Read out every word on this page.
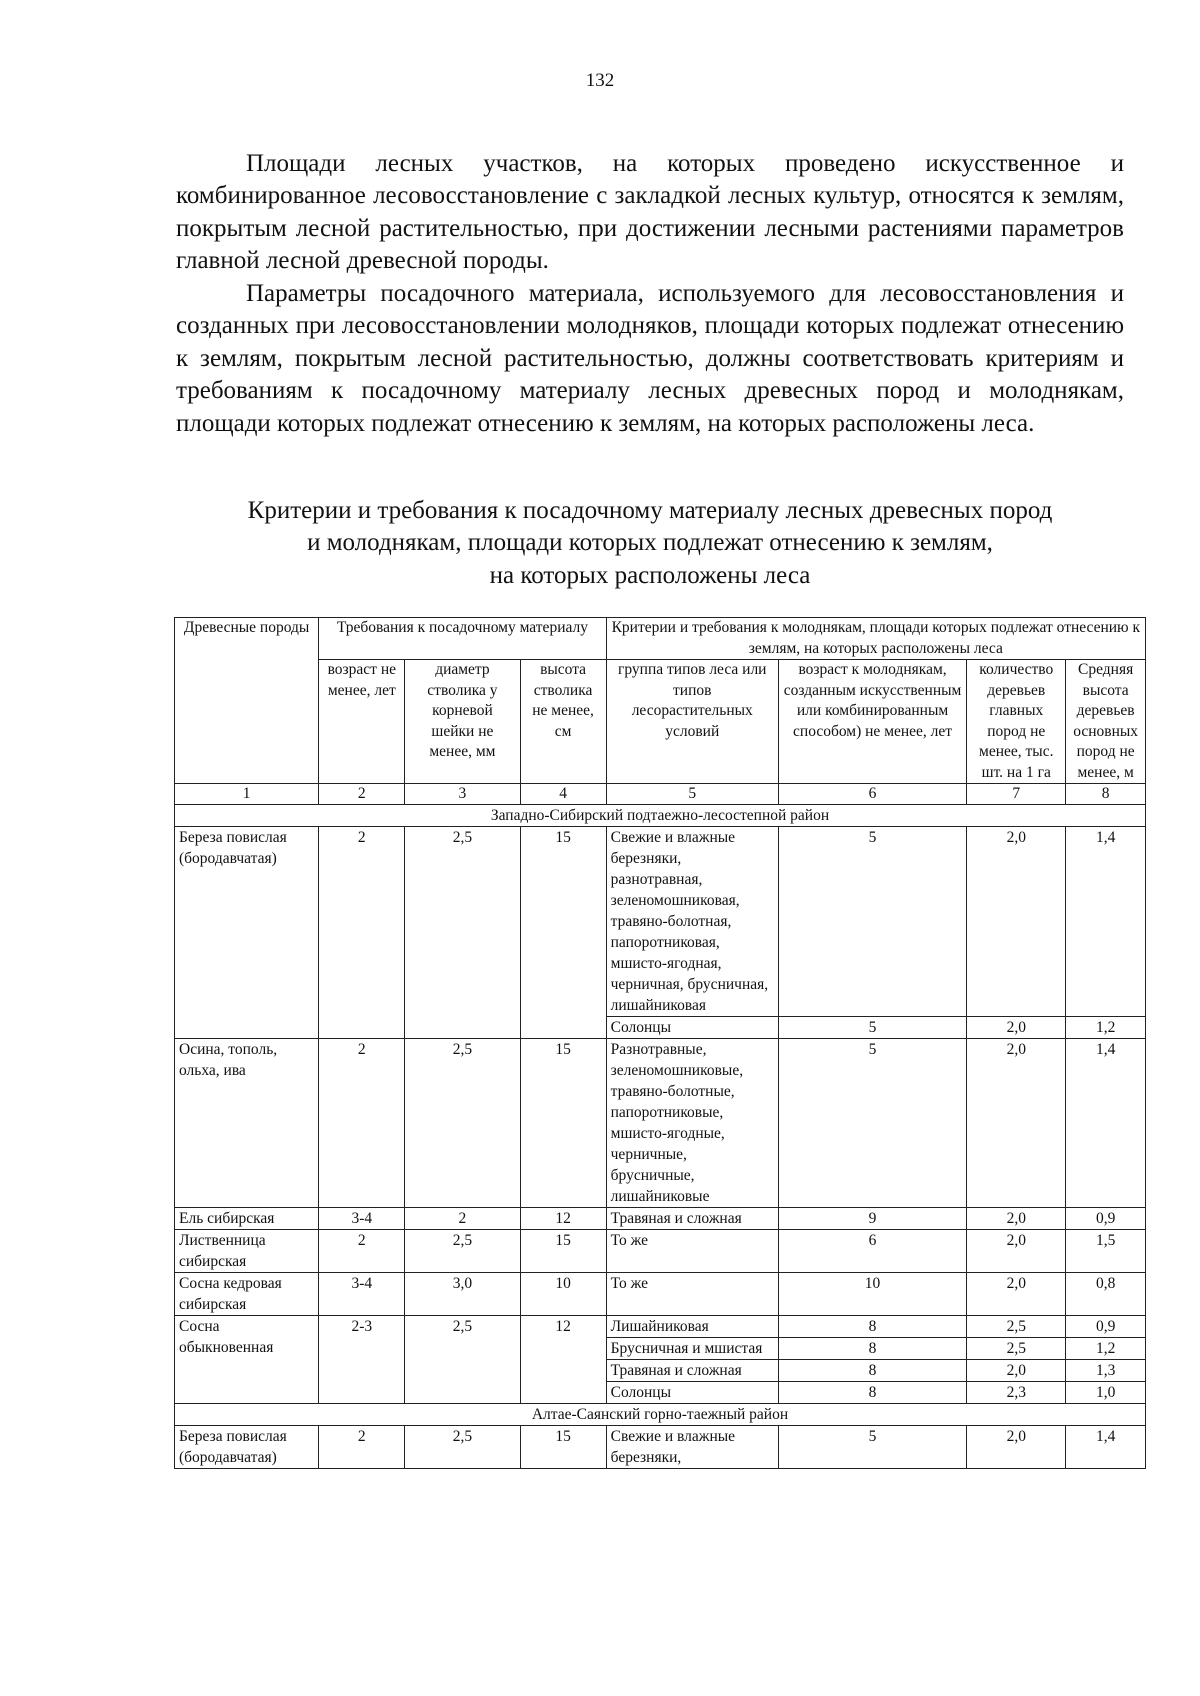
132

Площади лесных участков, на которых проведено искусственное и комбинированное лесовосстановление с закладкой лесных культур, относятся к землям, покрытым лесной растительностью, при достижении лесными растениями параметров главной лесной древесной породы.

Параметры посадочного материала, используемого для лесовосстановления и созданных при лесовосстановлении молодняков, площади которых подлежат отнесению к землям, покрытым лесной растительностью, должны соответствовать критериям и требованиям к посадочному материалу лесных древесных пород и молоднякам, площади которых подлежат отнесению к землям, на которых расположены леса.

Критерии и требования к посадочному материалу лесных древесных пород
и молоднякам, площади которых подлежат отнесению к землям,
на которых расположены леса
Древесные породы	Требования к посадочному материалу			Критерии и требования к молоднякам, площади которых подлежат отнесению к землям, на которых расположены леса			
	возраст не менее, лет	диаметр стволика у корневой шейки не менее, мм	высота стволика не менее, см	группа типов леса или типов лесорастительных условий	возраст к молоднякам, созданным искусственным или комбинированным способом) не менее, лет	количество деревьев главных пород не менее, тыс. шт. на 1 га	Средняя высота деревьев основных пород не менее, м
1	2	3	4	5	6	7	8
Западно-Сибирский подтаежно-лесостепной район							
Береза повислая (бородавчатая)	2	2,5	15	Свежие и влажные березняки, разнотравная, зеленомошниковая, травяно-болотная, папоротниковая, мшисто-ягодная, черничная, брусничная, лишайниковая	5	2,0	1,4
				Солонцы	5	2,0	1,2
Осина, тополь, ольха, ива	2	2,5	15	Разнотравные, зеленомошниковые, травяно-болотные, папоротниковые, мшисто-ягодные, черничные, брусничные, лишайниковые	5	2,0	1,4
Ель сибирская	3-4	2	12	Травяная и сложная	9	2,0	0,9
Лиственница сибирская	2	2,5	15	То же	6	2,0	1,5
Сосна кедровая сибирская	3-4	3,0	10	То же	10	2,0	0,8
Сосна обыкновенная	2-3	2,5	12	Лишайниковая	8	2,5	0,9
				Брусничная и мшистая	8	2,5	1,2
				Травяная и сложная	8	2,0	1,3
				Солонцы	8	2,3	1,0
Алтае-Саянский горно-таежный район							
Береза повислая (бородавчатая)	2	2,5	15	Свежие и влажные березняки,	5	2,0	1,4
